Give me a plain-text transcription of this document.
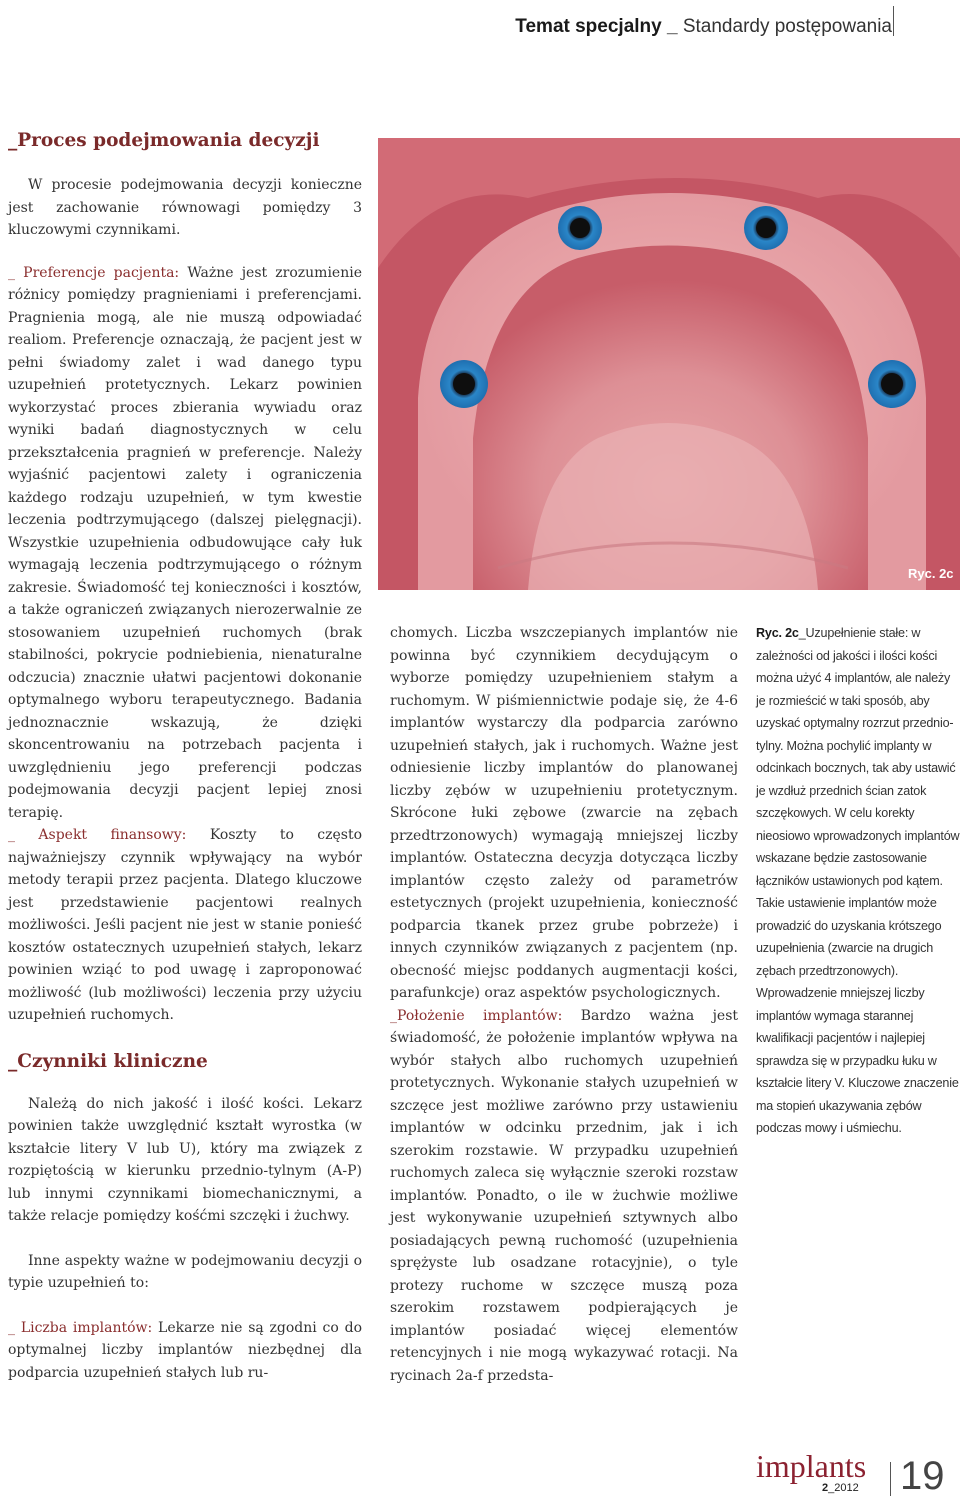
Temat specjalny _ Standardy postępowania
_Proces podejmowania decyzji

W procesie podejmowania decyzji konieczne jest zachowanie równowagi pomiędzy 3 kluczowymi czynnikami.

_ Preferencje pacjenta: Ważne jest zrozumienie różnicy pomiędzy pragnieniami i preferencjami. Pragnienia mogą, ale nie muszą odpowiadać realiom. Preferencje oznaczają, że pacjent jest w pełni świadomy zalet i wad danego typu uzupełnień protetycznych. Lekarz powinien wykorzystać proces zbierania wywiadu oraz wyniki badań diagnostycznych w celu przekształcenia pragnień w preferencje. Należy wyjaśnić pacjentowi zalety i ograniczenia każdego rodzaju uzupełnień, w tym kwestie leczenia podtrzymującego (dalszej pielęgnacji). Wszystkie uzupełnienia odbudowujące cały łuk wymagają leczenia podtrzymującego o różnym zakresie. Świadomość tej konieczności i kosztów, a także ograniczeń związanych nierozerwalnie ze stosowaniem uzupełnień ruchomych (brak stabilności, pokrycie podniebienia, nienaturalne odczucia) znacznie ułatwi pacjentowi dokonanie optymalnego wyboru terapeutycznego. Badania jednoznacznie wskazują, że dzięki skoncentrowaniu na potrzebach pacjenta i uwzględnieniu jego preferencji podczas podejmowania decyzji pacjent lepiej znosi terapię.

_ Aspekt finansowy: Koszty to często najważniejszy czynnik wpływający na wybór metody terapii przez pacjenta. Dlatego kluczowe jest przedstawienie pacjentowi realnych możliwości. Jeśli pacjent nie jest w stanie ponieść kosztów ostatecznych uzupełnień stałych, lekarz powinien wziąć to pod uwagę i zaproponować możliwość (lub możliwości) leczenia przy użyciu uzupełnień ruchomych.

_Czynniki kliniczne

Należą do nich jakość i ilość kości. Lekarz powinien także uwzględnić kształt wyrostka (w kształcie litery V lub U), który ma związek z rozpiętością w kierunku przednio-tylnym (A-P) lub innymi czynnikami biomechanicznymi, a także relacje pomiędzy kośćmi szczęki i żuchwy.

Inne aspekty ważne w podejmowaniu decyzji o typie uzupełnień to:

_ Liczba implantów: Lekarze nie są zgodni co do optymalnej liczby implantów niezbędnej dla podparcia uzupełnień stałych lub ru-

Ryc. 2c

chomych. Liczba wszczepianych implantów nie powinna być czynnikiem decydującym o wyborze pomiędzy uzupełnieniem stałym a ruchomym. W piśmiennictwie podaje się, że 4-6 implantów wystarczy dla podparcia zarówno uzupełnień stałych, jak i ruchomych. Ważne jest odniesienie liczby implantów do planowanej liczby zębów w uzupełnieniu protetycznym. Skrócone łuki zębowe (zwarcie na zębach przedtrzonowych) wymagają mniejszej liczby implantów. Ostateczna decyzja dotycząca liczby implantów często zależy od parametrów estetycznych (projekt uzupełnienia, konieczność podparcia tkanek przez grube pobrzeże) i innych czynników związanych z pacjentem (np. obecność miejsc poddanych augmentacji kości, parafunkcje) oraz aspektów psychologicznych.

_Położenie implantów: Bardzo ważna jest świadomość, że położenie implantów wpływa na wybór stałych albo ruchomych uzupełnień protetycznych. Wykonanie stałych uzupełnień w szczęce jest możliwe zarówno przy ustawieniu implantów w odcinku przednim, jak i ich szerokim rozstawie. W przypadku uzupełnień ruchomych zaleca się wyłącznie szeroki rozstaw implantów. Ponadto, o ile w żuchwie możliwe jest wykonywanie uzupełnień sztywnych albo posiadających pewną ruchomość (uzupełnienia sprężyste lub osadzane rotacyjnie), o tyle protezy ruchome w szczęce muszą poza szerokim rozstawem podpierających je implantów posiadać więcej elementów retencyjnych i nie mogą wykazywać rotacji. Na rycinach 2a-f przedsta-

Ryc. 2c_Uzupełnienie stałe: w zależności od jakości i ilości kości można użyć 4 implantów, ale należy je rozmieścić w taki sposób, aby uzyskać optymalny rozrzut przednio-tylny. Można pochylić implanty w odcinkach bocznych, tak aby ustawić je wzdłuż przednich ścian zatok szczękowych. W celu korekty nieosiowo wprowadzonych implantów wskazane będzie zastosowanie łączników ustawionych pod kątem. Takie ustawienie implantów może prowadzić do uzyskania krótszego uzupełnienia (zwarcie na drugich zębach przedtrzonowych). Wprowadzenie mniejszej liczby implantów wymaga starannej kwalifikacji pacjentów i najlepiej sprawdza się w przypadku łuku w kształcie litery V. Kluczowe znaczenie ma stopień ukazywania zębów podczas mowy i uśmiechu.

implants
2_2012 19
